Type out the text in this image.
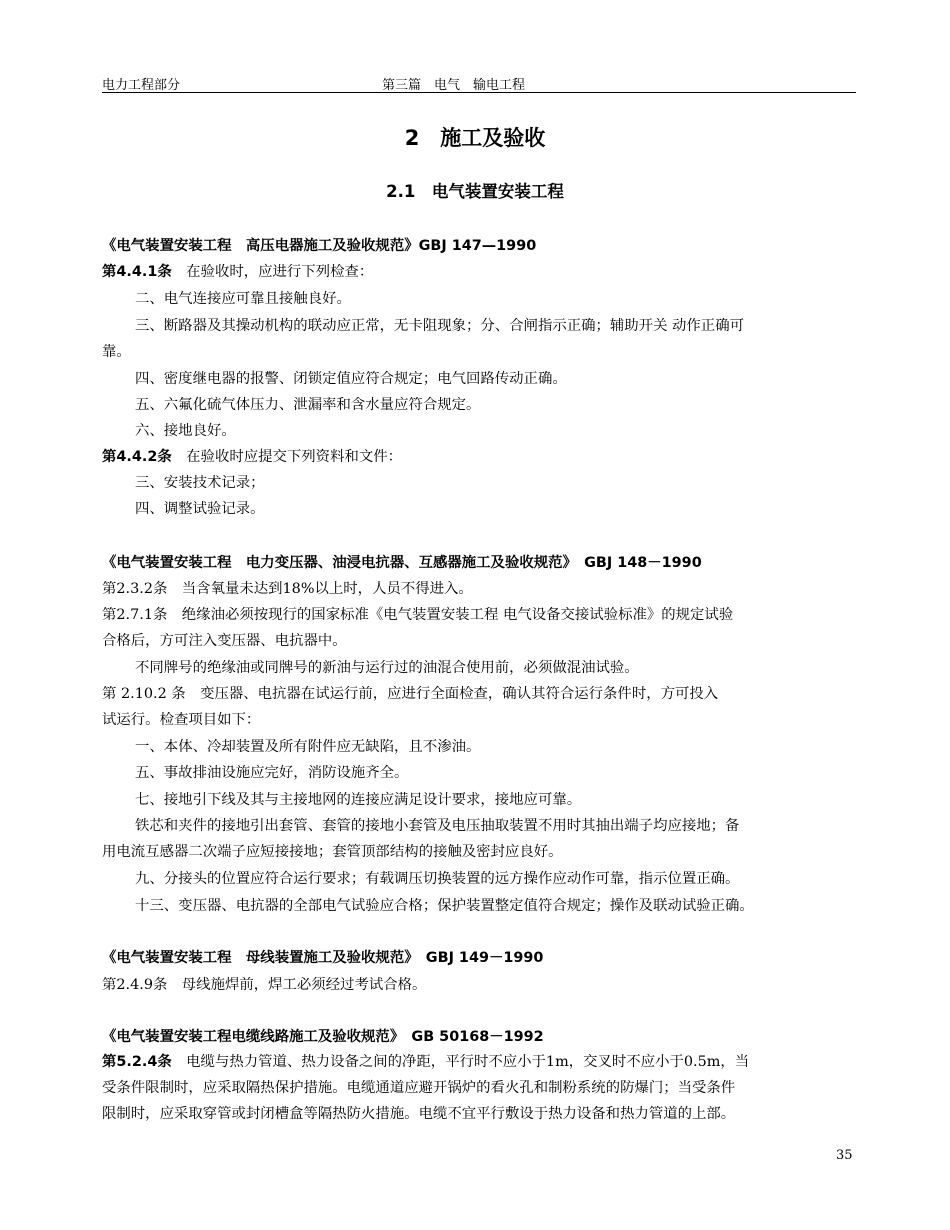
电力工程部分	第三篇　电气　输电工程
2　施工及验收
2.1　电气装置安装工程
《电气装置安装工程　高压电器施工及验收规范》GBJ 147—1990
第4.4.1条　在验收时，应进行下列检查：
二、电气连接应可靠且接触良好。
三、断路器及其操动机构的联动应正常，无卡阻现象；分、合闸指示正确；辅助开关 动作正确可
靠。
四、密度继电器的报警、闭锁定值应符合规定；电气回路传动正确。
五、六氟化硫气体压力、泄漏率和含水量应符合规定。
六、接地良好。
第4.4.2条　在验收时应提交下列资料和文件：
三、安装技术记录；
四、调整试验记录。
《电气装置安装工程　电力变压器、油浸电抗器、互感器施工及验收规范》　GBJ 148－1990
第2.3.2条　当含氧量未达到18%以上时，人员不得进入。
第2.7.1条　绝缘油必须按现行的国家标准《电气装置安装工程 电气设备交接试验标准》的规定试验
合格后，方可注入变压器、电抗器中。
不同牌号的绝缘油或同牌号的新油与运行过的油混合使用前，必须做混油试验。
第 2.10.2 条　变压器、电抗器在试运行前，应进行全面检查，确认其符合运行条件时，方可投入
试运行。检查项目如下：
一、本体、冷却装置及所有附件应无缺陷，且不渗油。
五、事故排油设施应完好，消防设施齐全。
七、接地引下线及其与主接地网的连接应满足设计要求，接地应可靠。
铁芯和夹件的接地引出套管、套管的接地小套管及电压抽取装置不用时其抽出端子均应接地；备
用电流互感器二次端子应短接接地；套管顶部结构的接触及密封应良好。
九、分接头的位置应符合运行要求；有载调压切换装置的远方操作应动作可靠，指示位置正确。
十三、变压器、电抗器的全部电气试验应合格；保护装置整定值符合规定；操作及联动试验正确。
《电气装置安装工程　母线装置施工及验收规范》　GBJ 149－1990
第2.4.9条　母线施焊前，焊工必须经过考试合格。
《电气装置安装工程电缆线路施工及验收规范》　GB 50168－1992
第5.2.4条　电缆与热力管道、热力设备之间的净距，平行时不应小于1m，交叉时不应小于0.5m，当
受条件限制时，应采取隔热保护措施。电缆通道应避开锅炉的看火孔和制粉系统的防爆门；当受条件
限制时，应采取穿管或封闭槽盒等隔热防火措施。电缆不宜平行敷设于热力设备和热力管道的上部。
35
